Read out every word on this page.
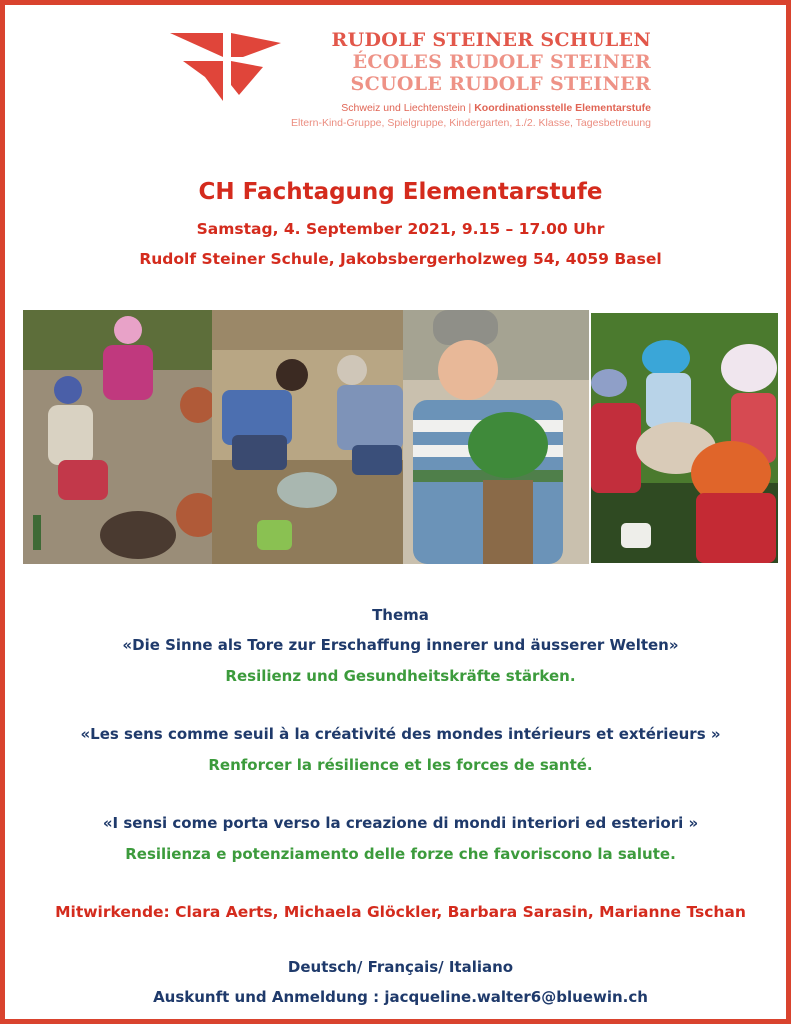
RUDOLF STEINER SCHULEN
ÉCOLES RUDOLF STEINER
SCUOLE RUDOLF STEINER
Schweiz und Liechtenstein | Koordinationsstelle Elementarstufe
Eltern-Kind-Gruppe, Spielgruppe, Kindergarten, 1./2. Klasse, Tagesbetreuung
CH Fachtagung Elementarstufe
Samstag, 4. September 2021, 9.15 – 17.00 Uhr
Rudolf Steiner Schule, Jakobsbergerholzweg 54, 4059 Basel
Thema
«Die Sinne als Tore zur Erschaffung innerer und äusserer Welten»
Resilienz und Gesundheitskräfte stärken.
«Les sens comme seuil à la créativité des mondes intérieurs et extérieurs »
Renforcer la résilience et les forces de santé.
«I sensi come porta verso la creazione di mondi interiori ed esteriori »
Resilienza e potenziamento delle forze che favoriscono la salute.
Mitwirkende: Clara Aerts, Michaela Glöckler, Barbara Sarasin, Marianne Tschan
Deutsch/ Français/ Italiano
Auskunft und Anmeldung : jacqueline.walter6@bluewin.ch
